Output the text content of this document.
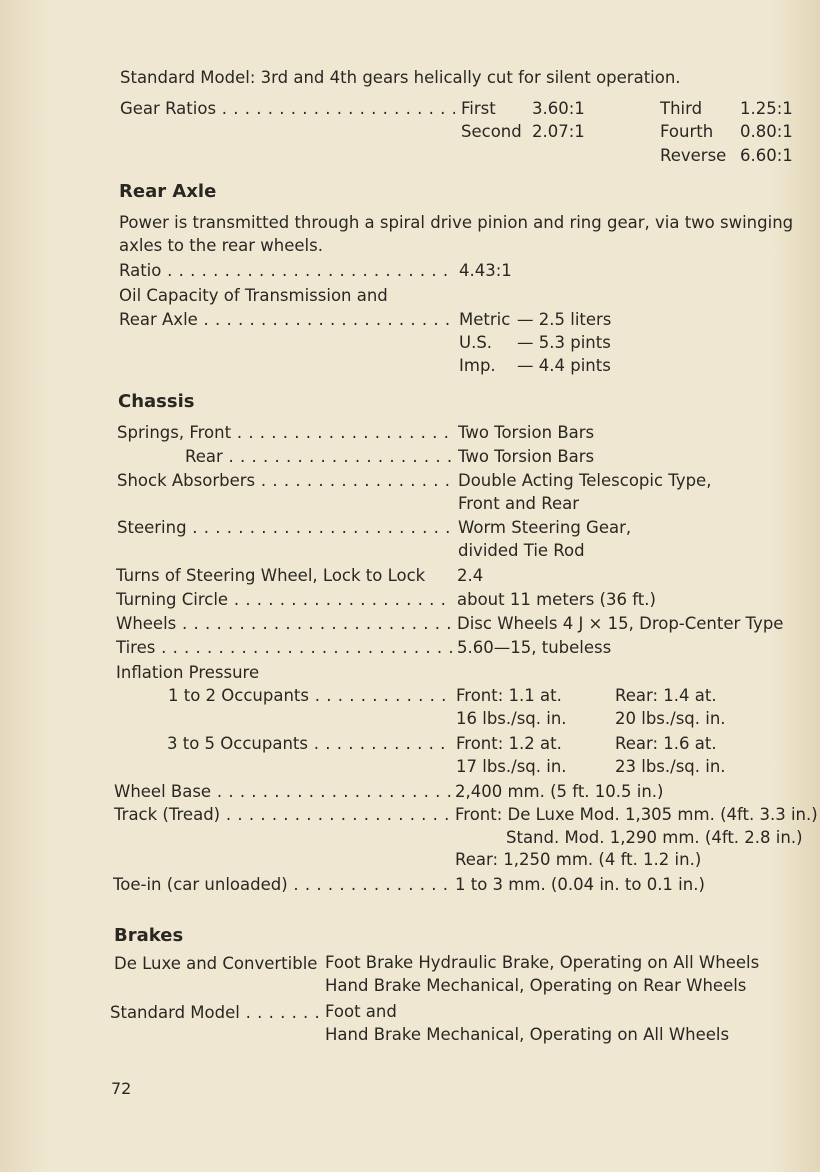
Standard Model: 3rd and 4th gears helically cut for silent operation.
Gear Ratios . . .	First 3.60:1
Second 2.07:1
Third 1.25:1
Fourth 0.80:1
Reverse 6.60:1
Rear Axle
Power is transmitted through a spiral drive pinion and ring gear, via two swinging
axles to the rear wheels.
Ratio . . .	4.43:1
Oil Capacity of Transmission and
Rear Axle . . .	Metric — 2.5 liters
U.S. — 5.3 pints
Imp. — 4.4 pints
Chassis
Springs, Front . . .	Two Torsion Bars
Rear . . .	Two Torsion Bars
Shock Absorbers . . .	Double Acting Telescopic Type,
Front and Rear
Steering . . .	Worm Steering Gear,
divided Tie Rod
Turns of Steering Wheel, Lock to Lock 2.4
Turning Circle . . .	about 11 meters (36 ft.)
Wheels . . .	Disc Wheels 4 J × 15, Drop-Center Type
Tires . . .	5.60—15, tubeless
Inflation Pressure
1 to 2 Occupants . . .	Front: 1.1 at.
16 lbs./sq. in.
Rear: 1.4 at.
20 lbs./sq. in.
3 to 5 Occupants . . .	Front: 1.2 at.
17 lbs./sq. in.
Rear: 1.6 at.
23 lbs./sq. in.
Wheel Base . . .	2,400 mm. (5 ft. 10.5 in.)
Track (Tread) . . .	Front: De Luxe Mod. 1,305 mm. (4ft. 3.3 in.)
Stand. Mod. 1,290 mm. (4ft. 2.8 in.)
Rear: 1,250 mm. (4 ft. 1.2 in.)
Toe-in (car unloaded) . . .	1 to 3 mm. (0.04 in. to 0.1 in.)
Brakes
De Luxe and Convertible Foot Brake Hydraulic Brake, Operating on All Wheels
Hand Brake Mechanical, Operating on Rear Wheels
Standard Model . . .	Foot and
Hand Brake Mechanical, Operating on All Wheels
72
